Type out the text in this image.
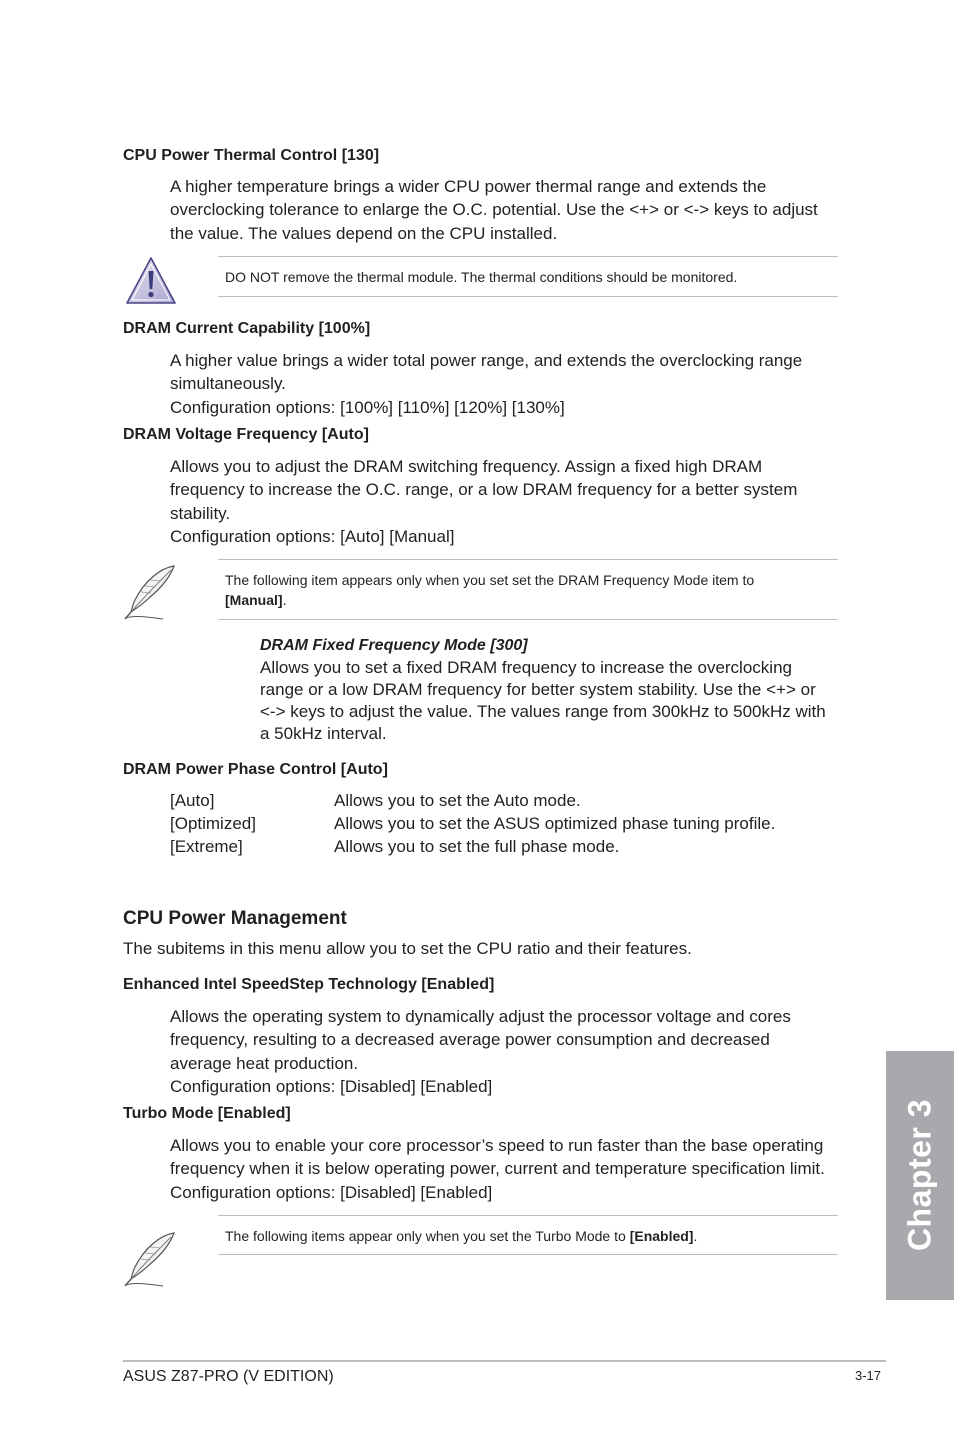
CPU Power Thermal Control [130]
A higher temperature brings a wider CPU power thermal range and extends the
overclocking tolerance to enlarge the O.C. potential. Use the <+> or <-> keys to adjust
the value. The values depend on the CPU installed.
DO NOT remove the thermal module. The thermal conditions should be monitored.
DRAM Current Capability [100%]
A higher value brings a wider total power range, and extends the overclocking range
simultaneously.
Configuration options: [100%] [110%] [120%] [130%]
DRAM Voltage Frequency [Auto]
Allows you to adjust the DRAM switching frequency. Assign a fixed high DRAM
frequency to increase the O.C. range, or a low DRAM frequency for a better system
stability.
Configuration options: [Auto] [Manual]
The following item appears only when you set set the DRAM Frequency Mode item to
[Manual].
DRAM Fixed Frequency Mode [300]
Allows you to set a fixed DRAM frequency to increase the overclocking
range or a low DRAM frequency for better system stability. Use the <+> or
<-> keys to adjust the value. The values range from 300kHz to 500kHz with
a 50kHz interval.
DRAM Power Phase Control [Auto]
[Auto]	Allows you to set the Auto mode.
[Optimized]	Allows you to set the ASUS optimized phase tuning profile.
[Extreme]	Allows you to set the full phase mode.
CPU Power Management
The subitems in this menu allow you to set the CPU ratio and their features.
Enhanced Intel SpeedStep Technology [Enabled]
Allows the operating system to dynamically adjust the processor voltage and cores
frequency, resulting to a decreased average power consumption and decreased
average heat production.
Configuration options: [Disabled] [Enabled]
Turbo Mode [Enabled]
Allows you to enable your core processor’s speed to run faster than the base operating
frequency when it is below operating power, current and temperature specification limit.
Configuration options: [Disabled] [Enabled]
The following items appear only when you set the Turbo Mode to [Enabled].	Chapter 3
ASUS Z87-PRO (V EDITION)	3-17
